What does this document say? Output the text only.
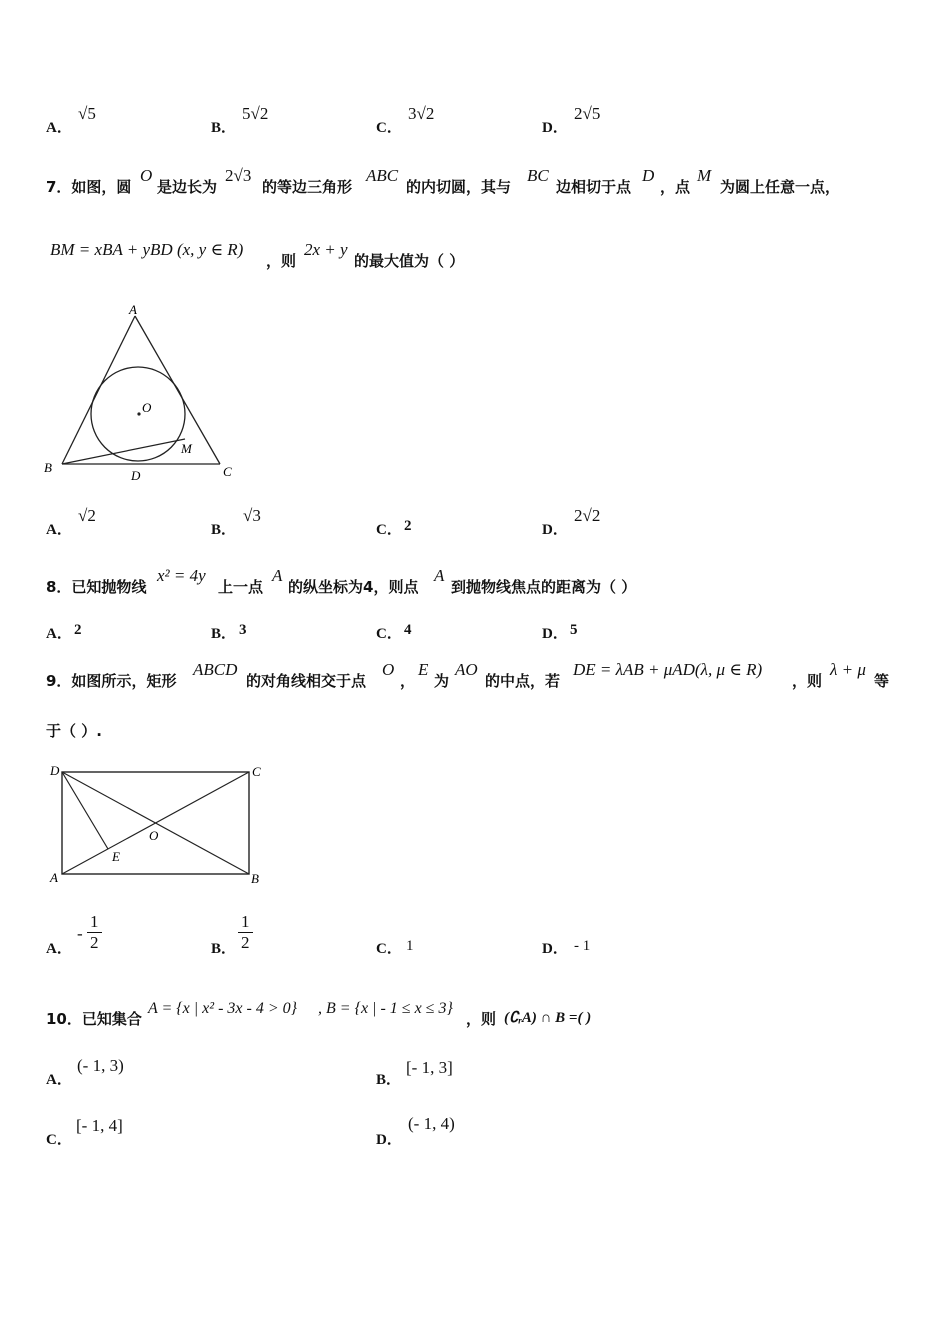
A．
√5
B．
5√2
C．
3√2
D．
2√5
7．如图，圆
O
是边长为
2√3
的等边三角形
ABC
的内切圆，其与
BC
边相切于点
D
，点
M
为圆上任意一点，
BM = xBA + yBD (x, y ∈ R)
，则
2x + y
的最大值为（ ）
A
B	C
D
O
M
A．
√2
B．
√3
C． 2	D．
2√2
8．已知抛物线
x² = 4y
上一点
A
的纵坐标为4，则点
A
到抛物线焦点的距离为（ ）
A． 2	B． 3	C． 4	D． 5
9．如图所示，矩形
ABCD
的对角线相交于点
O
，
E
为
AO
的中点，若
DE = λAB + μAD(λ, μ ∈ R)
，则
λ + μ
等
于（ ）.
D	C
A	B
O
E
A．
- $\frac{1}{2}$	B． $\frac{1}{2}$	C． 1	D． - 1
10．已知集合
A = {x | x² - 3x - 4 > 0} , B = {x | - 1 ≤ x ≤ 3}
，则 (∁ᵣA) ∩ B =( )
A．
(- 1, 3)
B．
[- 1, 3]
C．
[- 1, 4]
D．
(- 1, 4)
